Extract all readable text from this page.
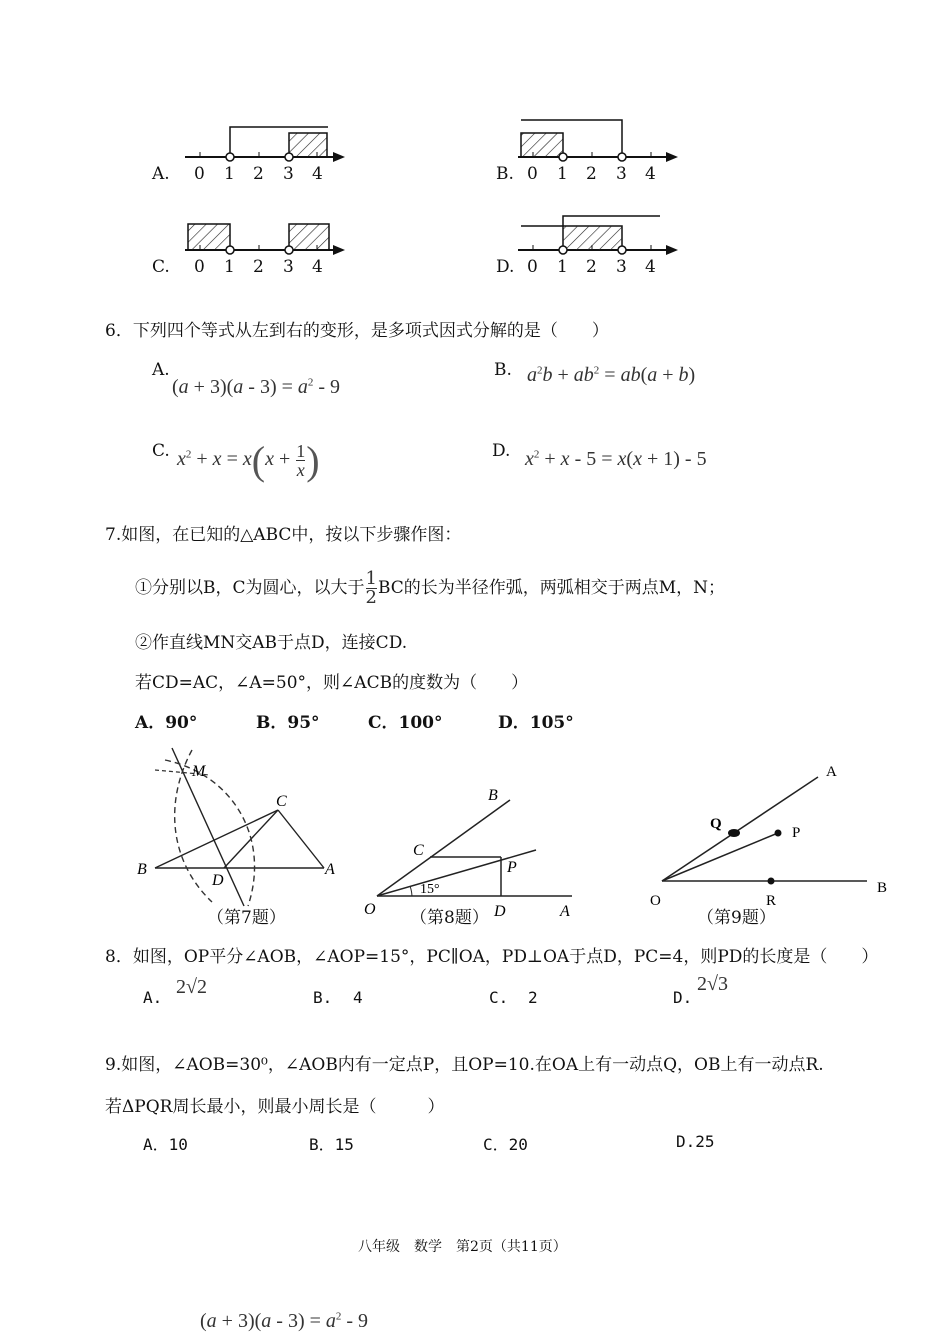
A. 0 1 2 3 4	B. 0 1 2 3 4
C. 0 1 2 3 4	D. 0 1 2 3 4
6．下列四个等式从左到右的变形，是多项式因式分解的是（　　）
A.
$(a + 3)(a - 3) = a^2 - 9$
B. $a^2b + ab^2 = ab(a + b)$
C. $x^2 + x = x(x + \frac{1}{x}$ )	D. $x^2 + x - 5 = x(x + 1) - 5$
7.如图，在已知的△ABC中，按以下步骤作图：
①分别以B，C为圆心，以大于 $\frac{1}{2}$ BC的长为半径作弧，两弧相交于两点M，N；
②作直线MN交AB于点D，连接CD.
若CD=AC，∠A=50°，则∠ACB的度数为（　　）
A．90°	B．95°	C．100°	D．105°
M
C
B
D
A
（第7题）
B
C
P
15°
O	D	A
（第8题）
A
Q
P
O	R
B
（第9题）
8．如图，OP平分∠AOB，∠AOP=15°，PC∥OA，PD⊥OA于点D，PC=4，则PD的长度是（　　）
A. 2√2	B. 4	C. 2	D.
2√3
9.如图，∠AOB=30⁰，∠AOB内有一定点P，且OP=10.在OA上有一动点Q，OB上有一动点R.
若ΔPQR周长最小，则最小周长是（　　　）
A．10	B．15	C．20	D.25
八年级　数学　第2页（共11页）
$(a + 3)(a - 3) = a^2 - 9$
